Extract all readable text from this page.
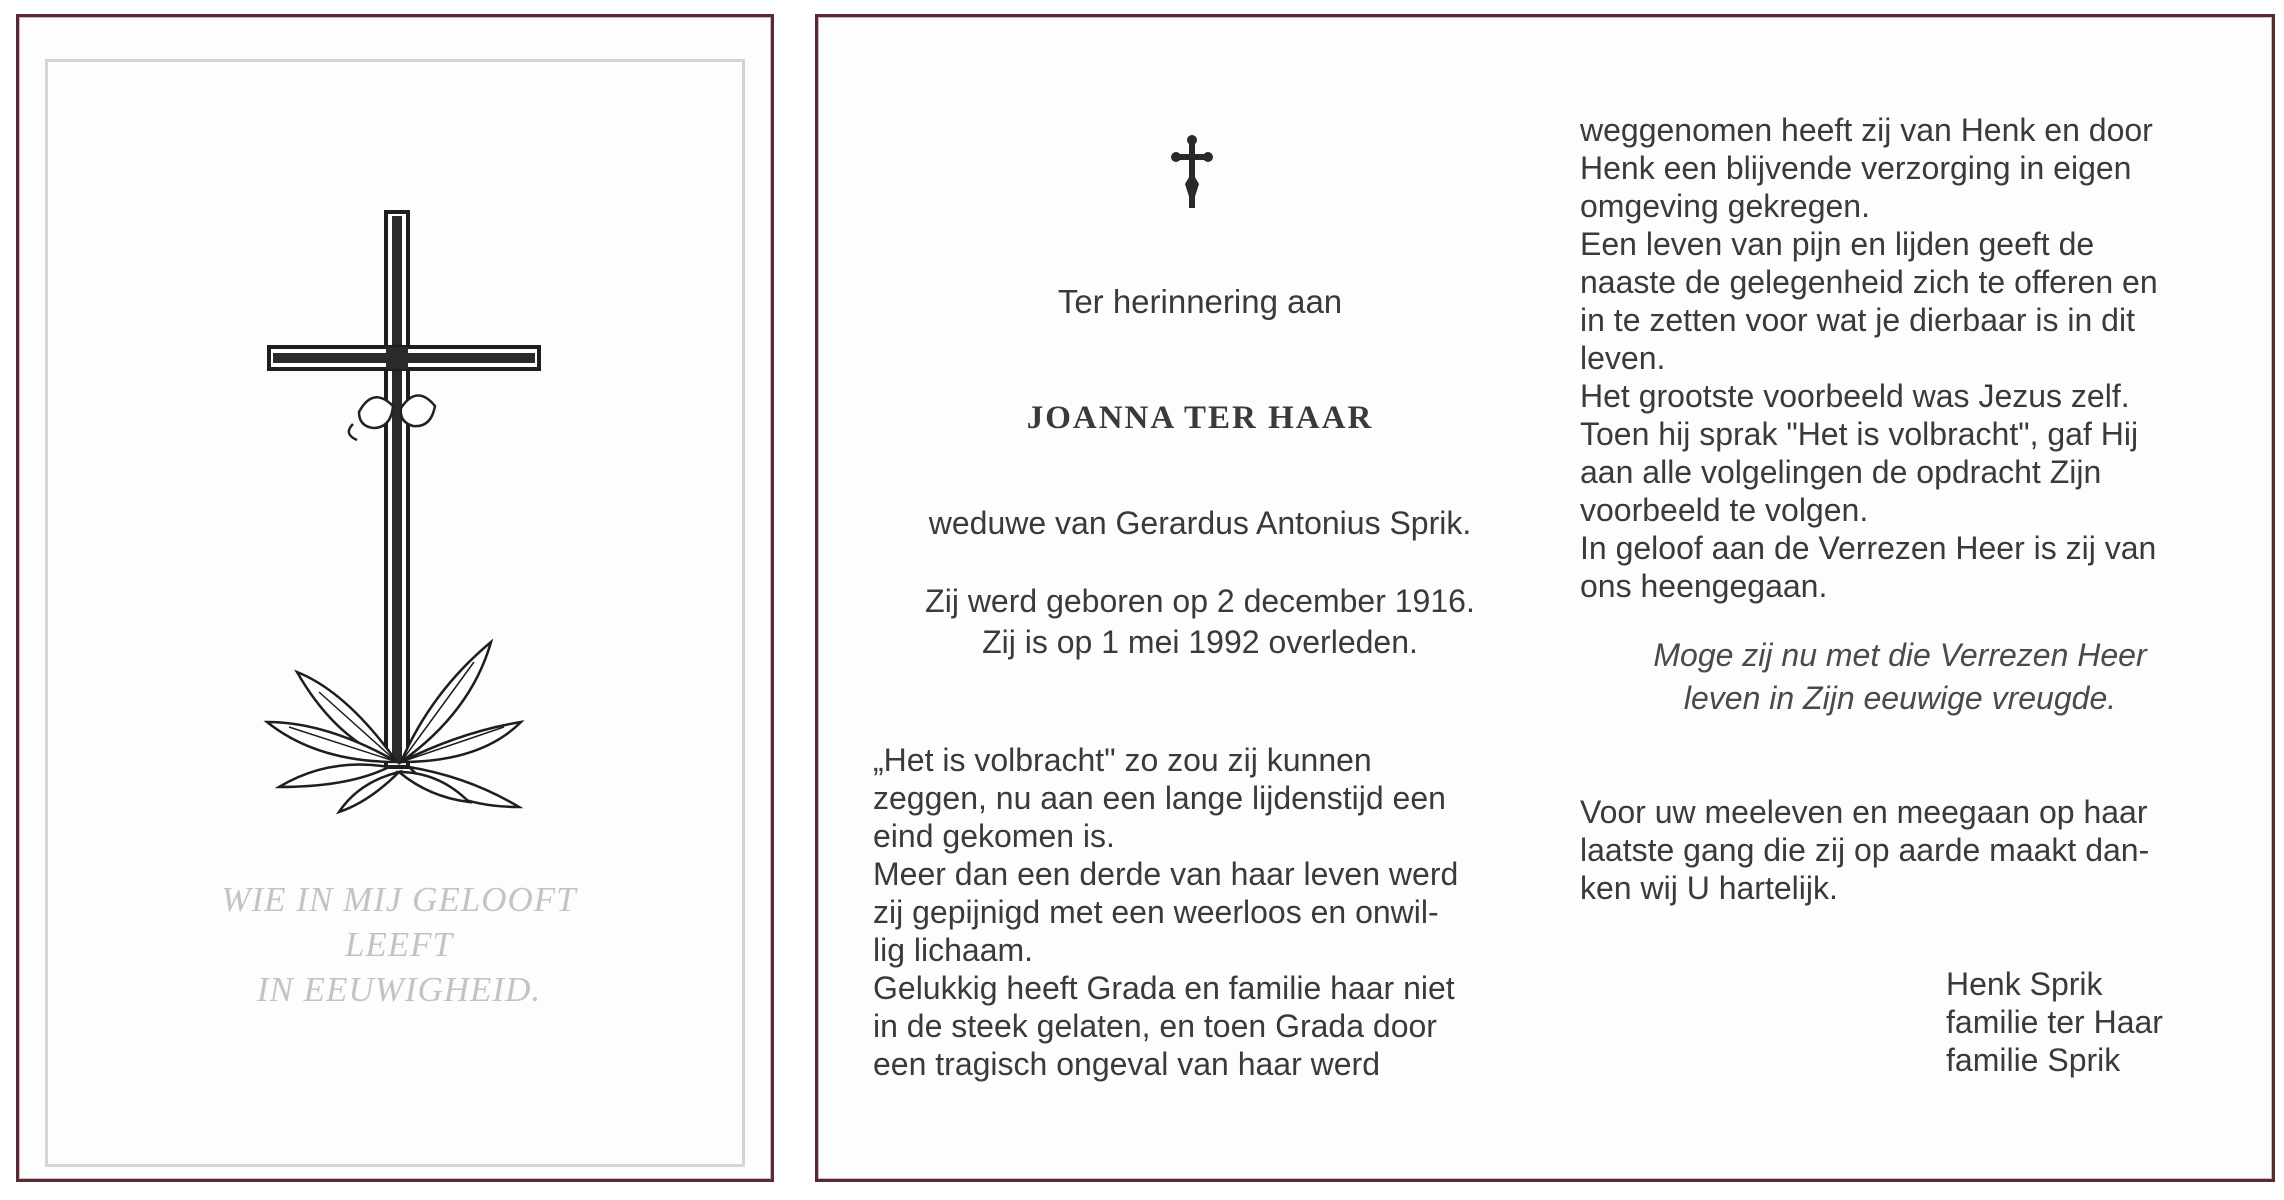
WIE IN MIJ GELOOFT
LEEFT
IN EEUWIGHEID.
Ter herinnering aan
JOANNA TER HAAR
weduwe van Gerardus Antonius Sprik.
Zij werd geboren op 2 december 1916.
Zij is op 1 mei 1992 overleden.
„Het is volbracht" zo zou zij kunnen
zeggen, nu aan een lange lijdenstijd een
eind gekomen is.
Meer dan een derde van haar leven werd
zij gepijnigd met een weerloos en onwil-
lig lichaam.
Gelukkig heeft Grada en familie haar niet
in de steek gelaten, en toen Grada door
een tragisch ongeval van haar werd
weggenomen heeft zij van Henk en door
Henk een blijvende verzorging in eigen
omgeving gekregen.
Een leven van pijn en lijden geeft de
naaste de gelegenheid zich te offeren en
in te zetten voor wat je dierbaar is in dit
leven.
Het grootste voorbeeld was Jezus zelf.
Toen hij sprak "Het is volbracht", gaf Hij
aan alle volgelingen de opdracht Zijn
voorbeeld te volgen.
In geloof aan de Verrezen Heer is zij van
ons heengegaan.
Moge zij nu met die Verrezen Heer
leven in Zijn eeuwige vreugde.
Voor uw meeleven en meegaan op haar
laatste gang die zij op aarde maakt dan-
ken wij U hartelijk.
Henk Sprik
familie ter Haar
familie Sprik
